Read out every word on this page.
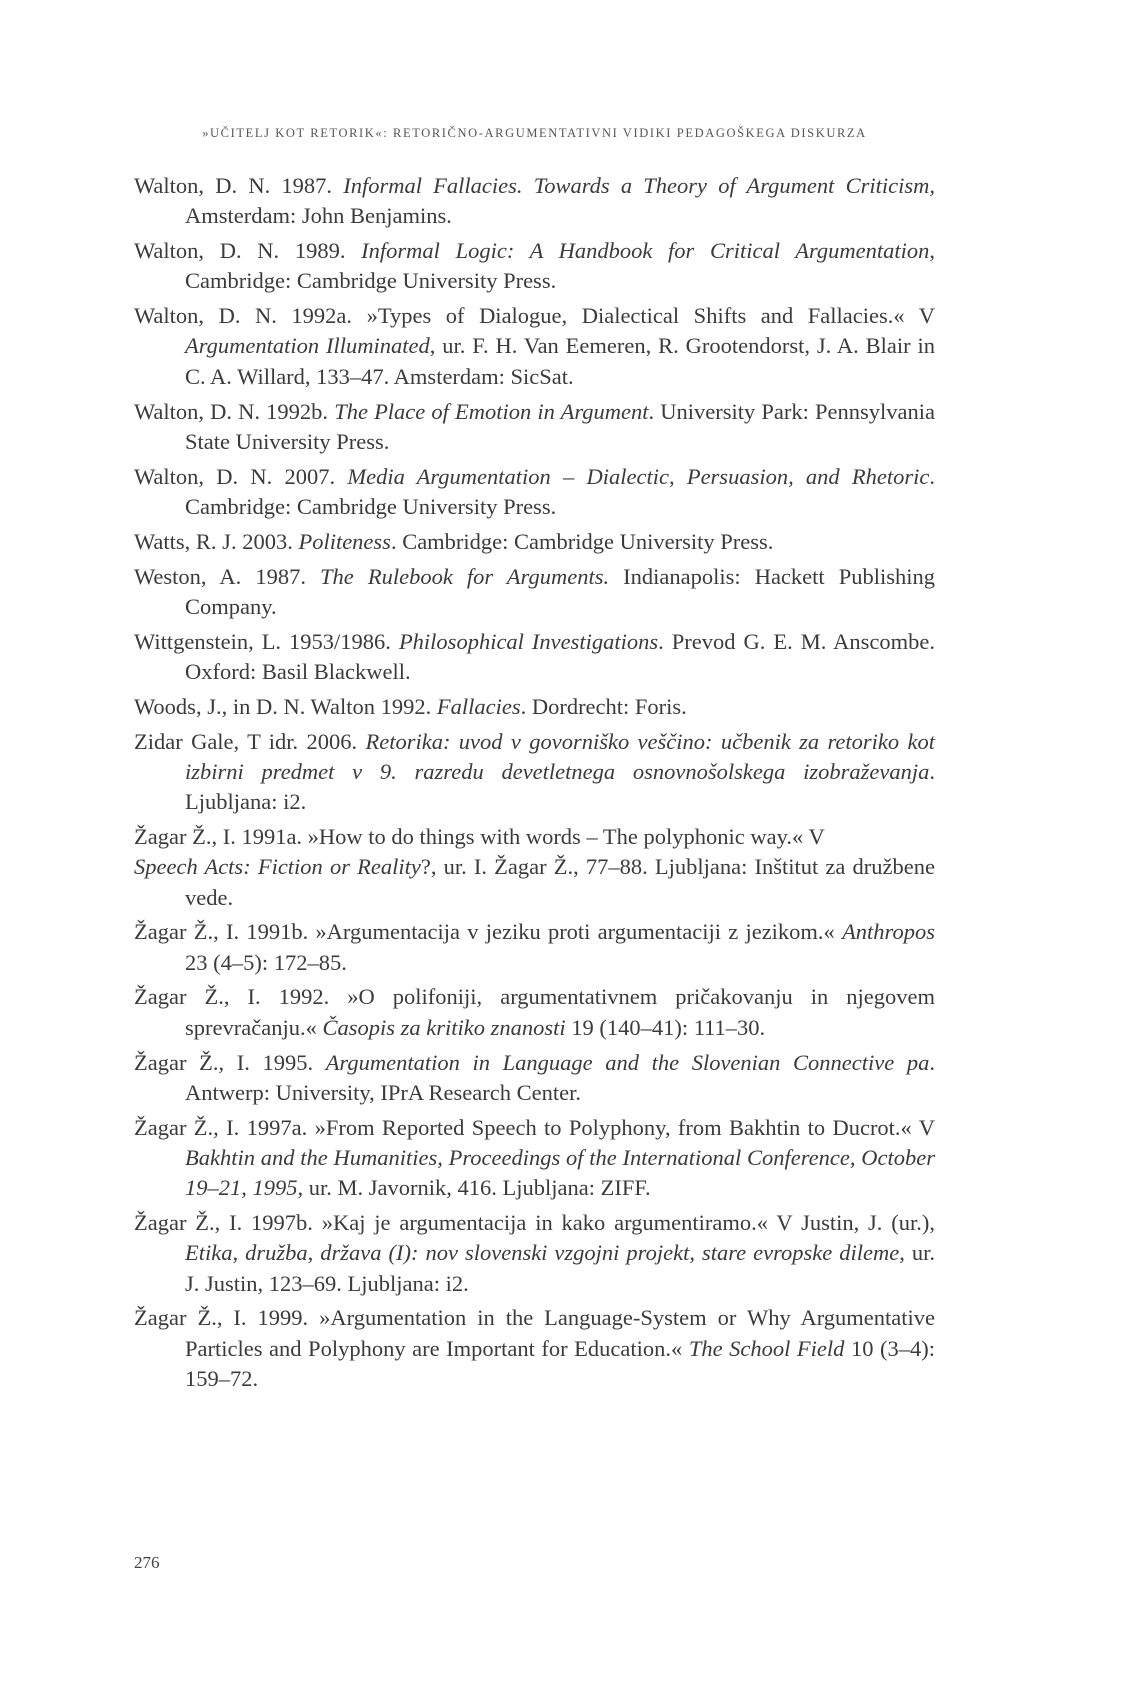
»UČITELJ KOT RETORIK«: RETORIČNO-ARGUMENTATIVNI VIDIKI PEDAGOŠKEGA DISKURZA

Walton, D. N. 1987. Informal Fallacies. Towards a Theory of Argument Criticism, Amsterdam: John Benjamins.

Walton, D. N. 1989. Informal Logic: A Handbook for Critical Argumentation, Cambridge: Cambridge University Press.

Walton, D. N. 1992a. »Types of Dialogue, Dialectical Shifts and Fallacies.« V Argumentation Illuminated, ur. F. H. Van Eemeren, R. Grootendorst, J. A. Blair in C. A. Willard, 133–47. Amsterdam: SicSat.

Walton, D. N. 1992b. The Place of Emotion in Argument. University Park: Pennsylvania State University Press.

Walton, D. N. 2007. Media Argumentation – Dialectic, Persuasion, and Rhetoric. Cambridge: Cambridge University Press.

Watts, R. J. 2003. Politeness. Cambridge: Cambridge University Press.

Weston, A. 1987. The Rulebook for Arguments. Indianapolis: Hackett Publishing Company.

Wittgenstein, L. 1953/1986. Philosophical Investigations. Prevod G. E. M. Anscombe. Oxford: Basil Blackwell.

Woods, J., in D. N. Walton 1992. Fallacies. Dordrecht: Foris.

Zidar Gale, T idr. 2006. Retorika: uvod v govorniško veščino: učbenik za retoriko kot izbirni predmet v 9. razredu devetletnega osnovnošolskega izobraževanja. Ljubljana: i2.

Žagar Ž., I. 1991a. »How to do things with words – The polyphonic way.« V

Speech Acts: Fiction or Reality?, ur. I. Žagar Ž., 77–88. Ljubljana: Inštitut za družbene vede.

Žagar Ž., I. 1991b. »Argumentacija v jeziku proti argumentaciji z jezikom.« Anthropos 23 (4–5): 172–85.

Žagar Ž., I. 1992. »O polifoniji, argumentativnem pričakovanju in njegovem sprevračanju.« Časopis za kritiko znanosti 19 (140–41): 111–30.

Žagar Ž., I. 1995. Argumentation in Language and the Slovenian Connective pa. Antwerp: University, IPrA Research Center.

Žagar Ž., I. 1997a. »From Reported Speech to Polyphony, from Bakhtin to Ducrot.« V Bakhtin and the Humanities, Proceedings of the International Conference, October 19–21, 1995, ur. M. Javornik, 416. Ljubljana: ZIFF.

Žagar Ž., I. 1997b. »Kaj je argumentacija in kako argumentiramo.« V Justin, J. (ur.), Etika, družba, država (I): nov slovenski vzgojni projekt, stare evropske dileme, ur. J. Justin, 123–69. Ljubljana: i2.

Žagar Ž., I. 1999. »Argumentation in the Language-System or Why Argumentative Particles and Polyphony are Important for Education.« The School Field 10 (3–4): 159–72.

276
